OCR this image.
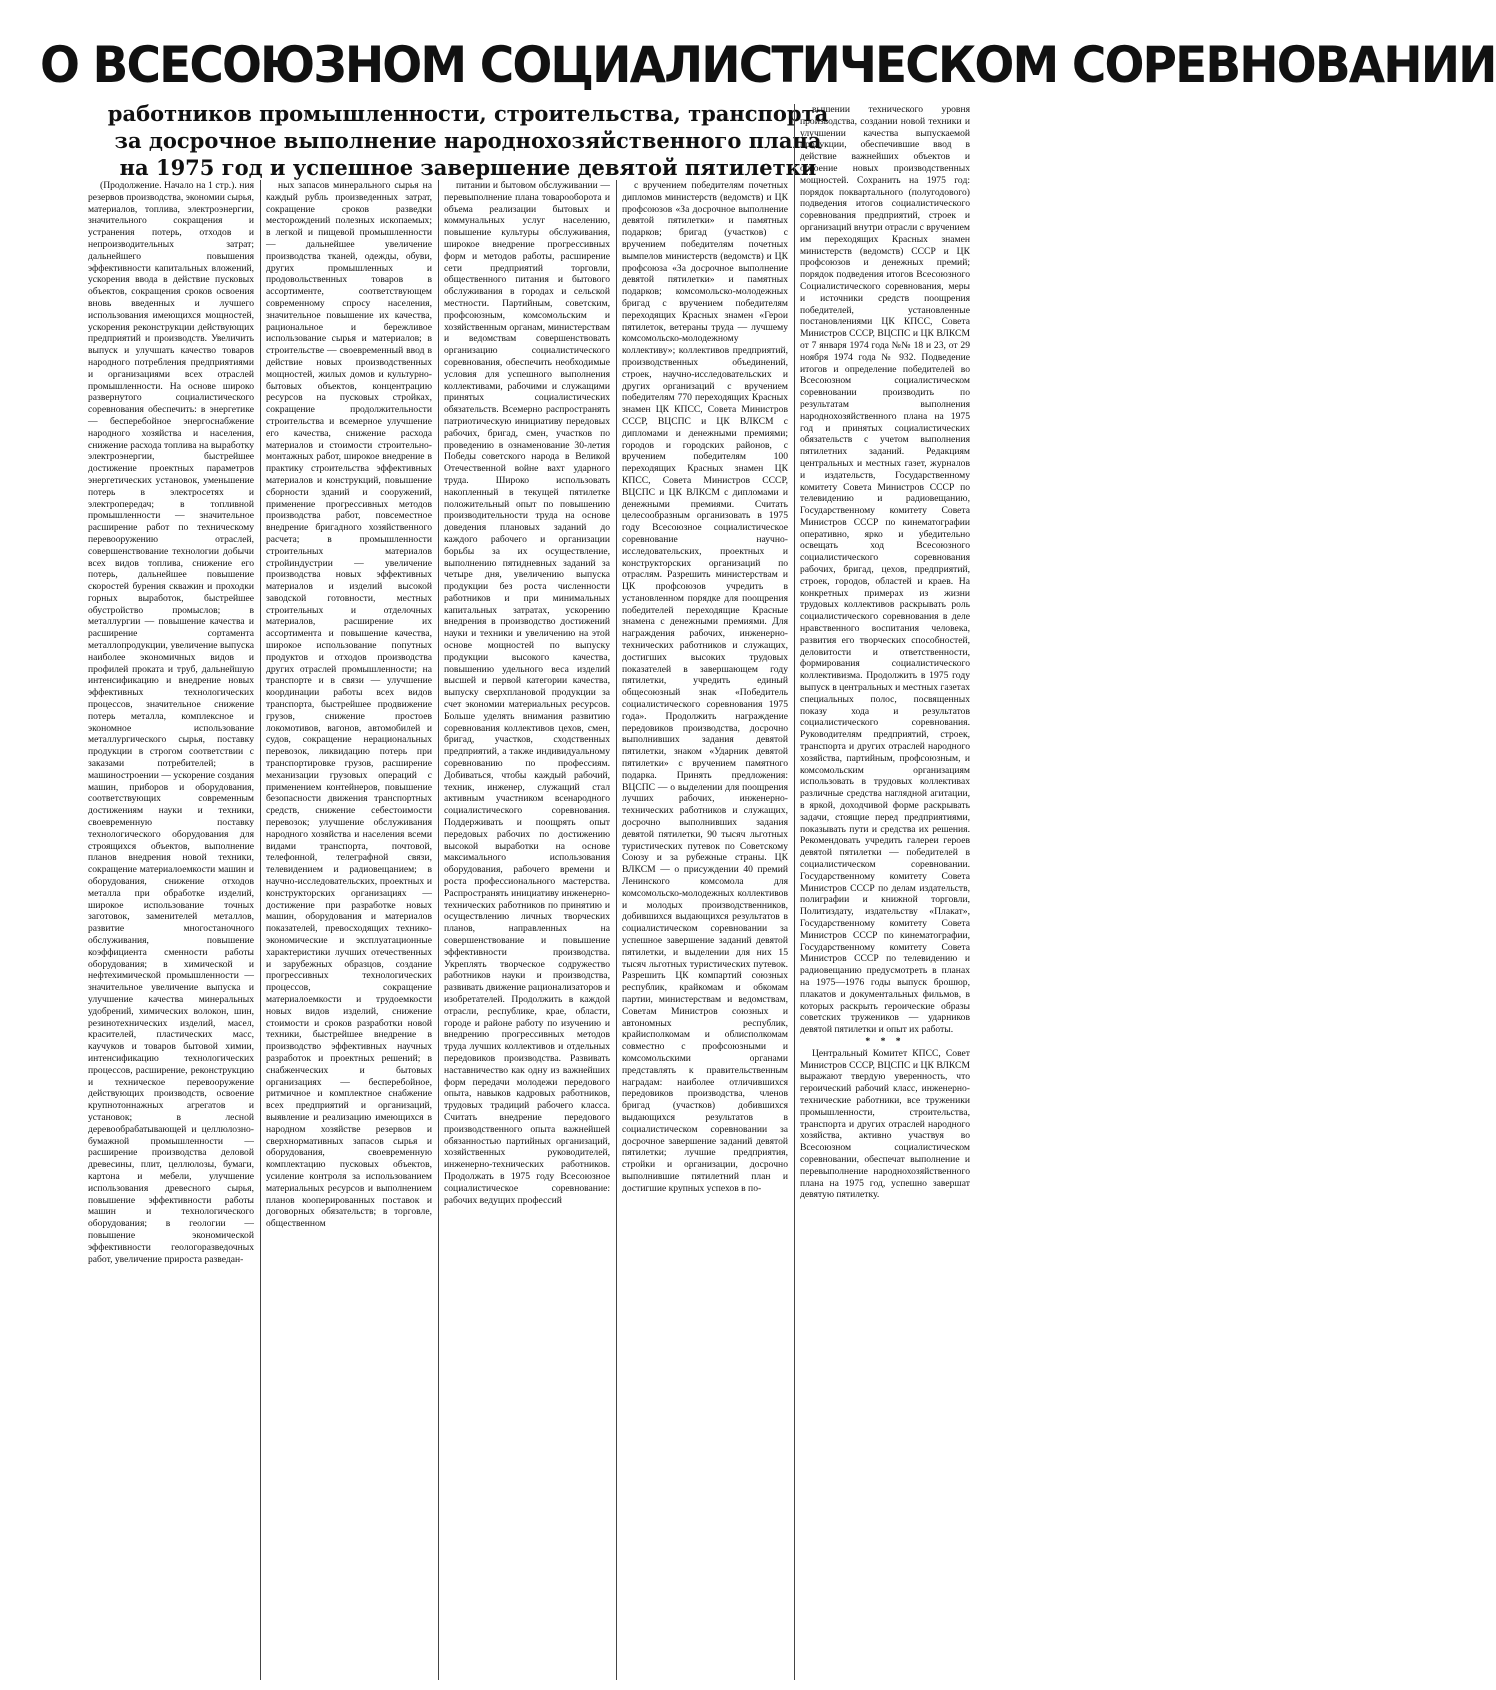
О ВСЕСОЮЗНОМ СОЦИАЛИСТИЧЕСКОМ СОРЕВНОВАНИИ
работников промышленности, строительства, транспорта
за досрочное выполнение народнохозяйственного плана
на 1975 год и успешное завершение девятой пятилетки

(Продолжение. Начало на 1 стр.). ния резервов производства, экономии сырья, материалов, топлива, электроэнергии, значительного сокращения и устранения потерь, отходов и непроизводительных затрат; дальнейшего повышения эффективности капитальных вложений, ускорения ввода в действие пусковых объектов, сокращения сроков освоения вновь введенных и лучшего использования имеющихся мощностей, ускорения реконструкции действующих предприятий и производств. Увеличить выпуск и улучшать качество товаров народного потребления предприятиями и организациями всех отраслей промышленности. На основе широко развернутого социалистического соревнования обеспечить: в энергетике — бесперебойное энергоснабжение народного хозяйства и населения, снижение расхода топлива на выработку электроэнергии, быстрейшее достижение проектных параметров энергетических установок, уменьшение потерь в электросетях и электропередач; в топливной промышленности — значительное расширение работ по техническому перевооружению отраслей, совершенствование технологии добычи всех видов топлива, снижение его потерь, дальнейшее повышение скоростей бурения скважин и проходки горных выработок, быстрейшее обустройство промыслов; в металлургии — повышение качества и расширение сортамента металлопродукции, увеличение выпуска наиболее экономичных видов и профилей проката и труб, дальнейшую интенсификацию и внедрение новых эффективных технологических процессов, значительное снижение потерь металла, комплексное и экономное использование металлургического сырья, поставку продукции в строгом соответствии с заказами потребителей; в машиностроении — ускорение создания машин, приборов и оборудования, соответствующих современным достижениям науки и техники, своевременную поставку технологического оборудования для строящихся объектов, выполнение планов внедрения новой техники, сокращение материалоемкости машин и оборудования, снижение отходов металла при обработке изделий, широкое использование точных заготовок, заменителей металлов, развитие многостаночного обслуживания, повышение коэффициента сменности работы оборудования; в химической и нефтехимической промышленности — значительное увеличение выпуска и улучшение качества минеральных удобрений, химических волокон, шин, резинотехнических изделий, масел, красителей, пластических масс, каучуков и товаров бытовой химии, интенсификацию технологических процессов, расширение, реконструкцию и техническое перевооружение действующих производств, освоение крупнотоннажных агрегатов и установок; в лесной деревообрабатывающей и целлюлозно-бумажной промышленности — расширение производства деловой древесины, плит, целлюлозы, бумаги, картона и мебели, улучшение использования древесного сырья, повышение эффективности работы машин и технологического оборудования; в геологии — повышение экономической эффективности геологоразведочных работ, увеличение прироста разведан-

ных запасов минерального сырья на каждый рубль произведенных затрат, сокращение сроков разведки месторождений полезных ископаемых; в легкой и пищевой промышленности — дальнейшее увеличение производства тканей, одежды, обуви, других промышленных и продовольственных товаров в ассортименте, соответствующем современному спросу населения, значительное повышение их качества, рациональное и бережливое использование сырья и материалов; в строительстве — своевременный ввод в действие новых производственных мощностей, жилых домов и культурно-бытовых объектов, концентрацию ресурсов на пусковых стройках, сокращение продолжительности строительства и всемерное улучшение его качества, снижение расхода материалов и стоимости строительно-монтажных работ, широкое внедрение в практику строительства эффективных материалов и конструкций, повышение сборности зданий и сооружений, применение прогрессивных методов производства работ, повсеместное внедрение бригадного хозяйственного расчета; в промышленности строительных материалов стройиндустрии — увеличение производства новых эффективных материалов и изделий высокой заводской готовности, местных строительных и отделочных материалов, расширение их ассортимента и повышение качества, широкое использование попутных продуктов и отходов производства других отраслей промышленности; на транспорте и в связи — улучшение координации работы всех видов транспорта, быстрейшее продвижение грузов, снижение простоев локомотивов, вагонов, автомобилей и судов, сокращение нерациональных перевозок, ликвидацию потерь при транспортировке грузов, расширение механизации грузовых операций с применением контейнеров, повышение безопасности движения транспортных средств, снижение себестоимости перевозок; улучшение обслуживания народного хозяйства и населения всеми видами транспорта, почтовой, телефонной, телеграфной связи, телевидением и радиовещанием; в научно-исследовательских, проектных и конструкторских организациях — достижение при разработке новых машин, оборудования и материалов показателей, превосходящих технико-экономические и эксплуатационные характеристики лучших отечественных и зарубежных образцов, создание прогрессивных технологических процессов, сокращение материалоемкости и трудоемкости новых видов изделий, снижение стоимости и сроков разработки новой техники, быстрейшее внедрение в производство эффективных научных разработок и проектных решений; в снабженческих и бытовых организациях — бесперебойное, ритмичное и комплектное снабжение всех предприятий и организаций, выявление и реализацию имеющихся в народном хозяйстве резервов и сверхнормативных запасов сырья и оборудования, своевременную комплектацию пусковых объектов, усиление контроля за использованием материальных ресурсов и выполнением планов кооперированных поставок и договорных обязательств; в торговле, общественном

питании и бытовом обслуживании — перевыполнение плана товарооборота и объема реализации бытовых и коммунальных услуг населению, повышение культуры обслуживания, широкое внедрение прогрессивных форм и методов работы, расширение сети предприятий торговли, общественного питания и бытового обслуживания в городах и сельской местности. Партийным, советским, профсоюзным, комсомольским и хозяйственным органам, министерствам и ведомствам совершенствовать организацию социалистического соревнования, обеспечить необходимые условия для успешного выполнения коллективами, рабочими и служащими принятых социалистических обязательств. Всемерно распространять патриотическую инициативу передовых рабочих, бригад, смен, участков по проведению в ознаменование 30-летия Победы советского народа в Великой Отечественной войне вахт ударного труда. Широко использовать накопленный в текущей пятилетке положительный опыт по повышению производительности труда на основе доведения плановых заданий до каждого рабочего и организации борьбы за их осуществление, выполнению пятидневных заданий за четыре дня, увеличению выпуска продукции без роста численности работников и при минимальных капитальных затратах, ускорению внедрения в производство достижений науки и техники и увеличению на этой основе мощностей по выпуску продукции высокого качества, повышению удельного веса изделий высшей и первой категории качества, выпуску сверхплановой продукции за счет экономии материальных ресурсов. Больше уделять внимания развитию соревнования коллективов цехов, смен, бригад, участков, сходственных предприятий, а также индивидуальному соревнованию по профессиям. Добиваться, чтобы каждый рабочий, техник, инженер, служащий стал активным участником всенародного социалистического соревнования. Поддерживать и поощрять опыт передовых рабочих по достижению высокой выработки на основе максимального использования оборудования, рабочего времени и роста профессионального мастерства. Распространять инициативу инженерно-технических работников по принятию и осуществлению личных творческих планов, направленных на совершенствование и повышение эффективности производства. Укреплять творческое содружество работников науки и производства, развивать движение рационализаторов и изобретателей. Продолжить в каждой отрасли, республике, крае, области, городе и районе работу по изучению и внедрению прогрессивных методов труда лучших коллективов и отдельных передовиков производства. Развивать наставничество как одну из важнейших форм передачи молодежи передового опыта, навыков кадровых работников, трудовых традиций рабочего класса. Считать внедрение передового производственного опыта важнейшей обязанностью партийных организаций, хозяйственных руководителей, инженерно-технических работников. Продолжать в 1975 году Всесоюзное социалистическое соревнование: рабочих ведущих профессий

с вручением победителям почетных дипломов министерств (ведомств) и ЦК профсоюзов «За досрочное выполнение девятой пятилетки» и памятных подарков; бригад (участков) с вручением победителям почетных вымпелов министерств (ведомств) и ЦК профсоюза «За досрочное выполнение девятой пятилетки» и памятных подарков; комсомольско-молодежных бригад с вручением победителям переходящих Красных знамен «Герои пятилеток, ветераны труда — лучшему комсомольско-молодежному коллективу»; коллективов предприятий, производственных объединений, строек, научно-исследовательских и других организаций с вручением победителям 770 переходящих Красных знамен ЦК КПСС, Совета Министров СССР, ВЦСПС и ЦК ВЛКСМ с дипломами и денежными премиями; городов и городских районов, с вручением победителям 100 переходящих Красных знамен ЦК КПСС, Совета Министров СССР, ВЦСПС и ЦК ВЛКСМ с дипломами и денежными премиями. Считать целесообразным организовать в 1975 году Всесоюзное социалистическое соревнование научно-исследовательских, проектных и конструкторских организаций по отраслям. Разрешить министерствам и ЦК профсоюзов учредить в установленном порядке для поощрения победителей переходящие Красные знамена с денежными премиями. Для награждения рабочих, инженерно-технических работников и служащих, достигших высоких трудовых показателей в завершающем году пятилетки, учредить единый общесоюзный знак «Победитель социалистического соревнования 1975 года». Продолжить награждение передовиков производства, досрочно выполнивших задания девятой пятилетки, знаком «Ударник девятой пятилетки» с вручением памятного подарка. Принять предложения: ВЦСПС — о выделении для поощрения лучших рабочих, инженерно-технических работников и служащих, досрочно выполнивших задания девятой пятилетки, 90 тысяч льготных туристических путевок по Советскому Союзу и за рубежные страны. ЦК ВЛКСМ — о присуждении 40 премий Ленинского комсомола для комсомольско-молодежных коллективов и молодых производственников, добившихся выдающихся результатов в социалистическом соревновании за успешное завершение заданий девятой пятилетки, и выделении для них 15 тысяч льготных туристических путевок. Разрешить ЦК компартий союзных республик, крайкомам и обкомам партии, министерствам и ведомствам, Советам Министров союзных и автономных республик, крайисполкомам и облисполкомам совместно с профсоюзными и комсомольскими органами представлять к правительственным наградам: наиболее отличившихся передовиков производства, членов бригад (участков) добившихся выдающихся результатов в социалистическом соревновании за досрочное завершение заданий девятой пятилетки; лучшие предприятия, стройки и организации, досрочно выполнившие пятилетний план и достигшие крупных успехов в по-

вышении технического уровня производства, создании новой техники и улучшении качества выпускаемой продукции, обеспечившие ввод в действие важнейших объектов и освоение новых производственных мощностей. Сохранить на 1975 год: порядок поквартального (полугодового) подведения итогов социалистического соревнования предприятий, строек и организаций внутри отрасли с вручением им переходящих Красных знамен министерств (ведомств) СССР и ЦК профсоюзов и денежных премий; порядок подведения итогов Всесоюзного Социалистического соревнования, меры и источники средств поощрения победителей, установленные постановлениями ЦК КПСС, Совета Министров СССР, ВЦСПС и ЦК ВЛКСМ от 7 января 1974 года №№ 18 и 23, от 29 ноября 1974 года № 932. Подведение итогов и определение победителей во Всесоюзном социалистическом соревновании производить по результатам выполнения народнохозяйственного плана на 1975 год и принятых социалистических обязательств с учетом выполнения пятилетних заданий. Редакциям центральных и местных газет, журналов и издательств, Государственному комитету Совета Министров СССР по телевидению и радиовещанию, Государственному комитету Совета Министров СССР по кинематографии оперативно, ярко и убедительно освещать ход Всесоюзного социалистического соревнования рабочих, бригад, цехов, предприятий, строек, городов, областей и краев. На конкретных примерах из жизни трудовых коллективов раскрывать роль социалистического соревнования в деле нравственного воспитания человека, развития его творческих способностей, деловитости и ответственности, формирования социалистического коллективизма. Продолжить в 1975 году выпуск в центральных и местных газетах специальных полос, посвященных показу хода и результатов социалистического соревнования. Руководителям предприятий, строек, транспорта и других отраслей народного хозяйства, партийным, профсоюзным, и комсомольским организациям использовать в трудовых коллективах различные средства наглядной агитации, в яркой, доходчивой форме раскрывать задачи, стоящие перед предприятиями, показывать пути и средства их решения. Рекомендовать учредить галереи героев девятой пятилетки — победителей в социалистическом соревновании. Государственному комитету Совета Министров СССР по делам издательств, полиграфии и книжной торговли, Политиздату, издательству «Плакат», Государственному комитету Совета Министров СССР по кинематографии, Государственному комитету Совета Министров СССР по телевидению и радиовещанию предусмотреть в планах на 1975—1976 годы выпуск брошюр, плакатов и документальных фильмов, в которых раскрыть героические образы советских тружеников — ударников девятой пятилетки и опыт их работы.

* * *

Центральный Комитет КПСС, Совет Министров СССР, ВЦСПС и ЦК ВЛКСМ выражают твердую уверенность, что героический рабочий класс, инженерно-технические работники, все труженики промышленности, строительства, транспорта и других отраслей народного хозяйства, активно участвуя во Всесоюзном социалистическом соревновании, обеспечат выполнение и перевыполнение народнохозяйственного плана на 1975 год, успешно завершат девятую пятилетку.
